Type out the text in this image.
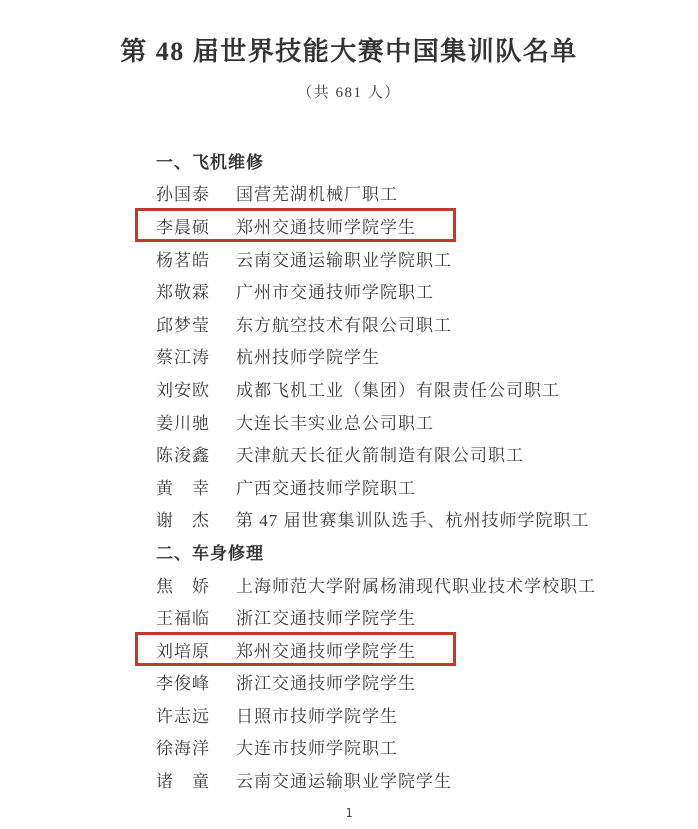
第 48 届世界技能大赛中国集训队名单
（共 681 人）
一、飞机维修
孙国泰	国营芜湖机械厂职工
李晨硕	郑州交通技师学院学生
杨茗皓	云南交通运输职业学院职工
郑敬霖	广州市交通技师学院职工
邱梦莹	东方航空技术有限公司职工
蔡江涛	杭州技师学院学生
刘安欧	成都飞机工业（集团）有限责任公司职工
姜川驰	大连长丰实业总公司职工
陈浚鑫	天津航天长征火箭制造有限公司职工
黄　幸	广西交通技师学院职工
谢　杰	第 47 届世赛集训队选手、杭州技师学院职工
二、车身修理
焦　娇	上海师范大学附属杨浦现代职业技术学校职工
王福临	浙江交通技师学院学生
刘培原	郑州交通技师学院学生
李俊峰	浙江交通技师学院学生
许志远	日照市技师学院学生
徐海洋	大连市技师学院职工
诸　童	云南交通运输职业学院学生
1
